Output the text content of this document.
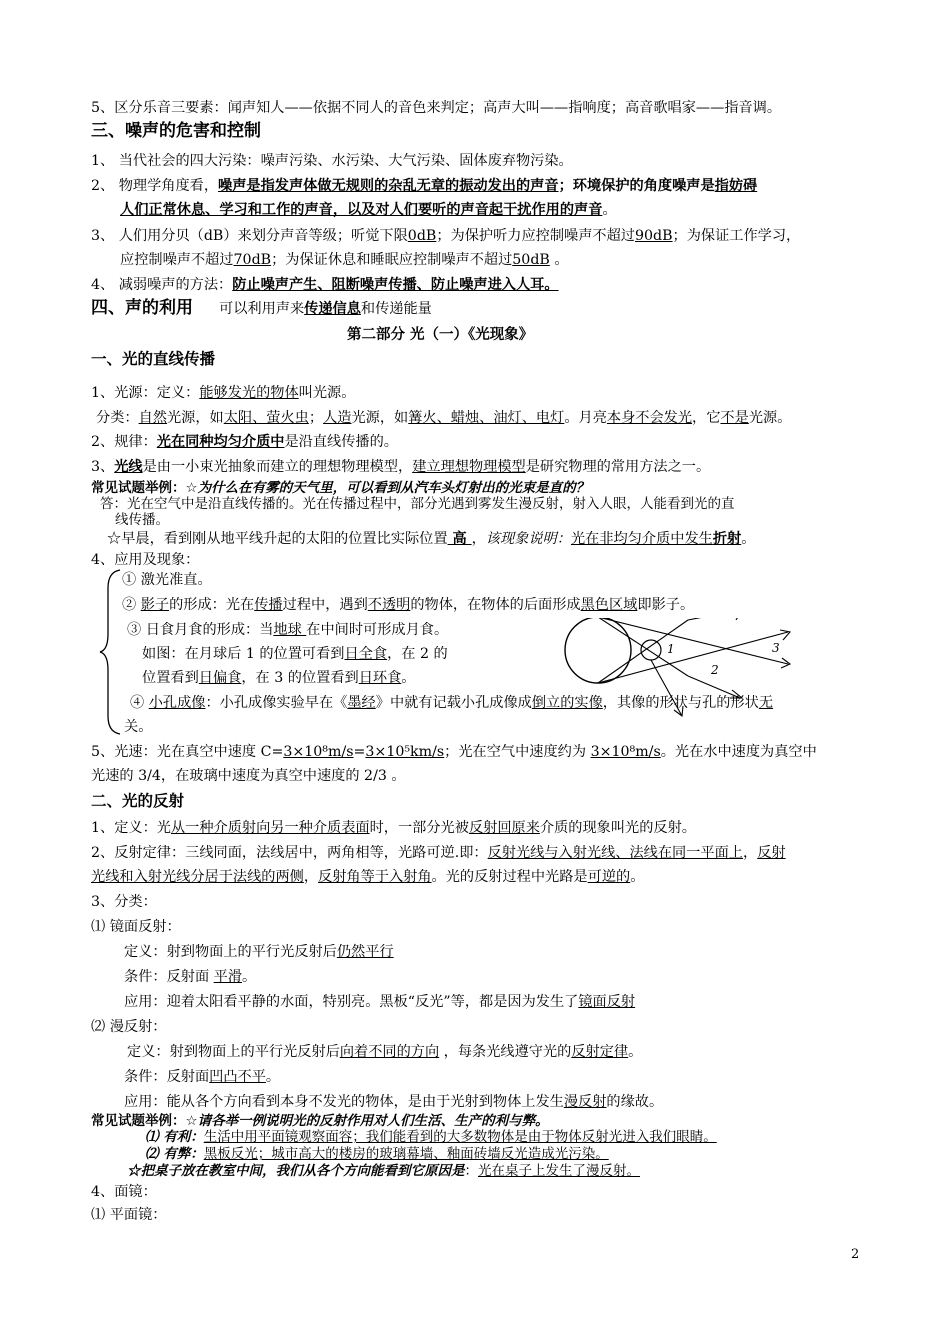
5、区分乐音三要素：闻声知人——依据不同人的音色来判定；高声大叫——指响度；高音歌唱家——指音调。
三、噪声的危害和控制
1、 当代社会的四大污染：噪声污染、水污染、大气污染、固体废弃物污染。
2、 物理学角度看，噪声是指发声体做无规则的杂乱无章的振动发出的声音；环境保护的角度噪声是指妨碍
人们正常休息、学习和工作的声音，以及对人们要听的声音起干扰作用的声音。
3、 人们用分贝（dB）来划分声音等级；听觉下限0dB；为保护听力应控制噪声不超过90dB；为保证工作学习，
应控制噪声不超过70dB；为保证休息和睡眠应控制噪声不超过50dB 。
4、 减弱噪声的方法：防止噪声产生、阻断噪声传播、防止噪声进入人耳。
四、声的利用 可以利用声来传递信息和传递能量
第二部分 光（一）《光现象》
一、光的直线传播
1、光源：定义：能够发光的物体叫光源。
分类：自然光源，如太阳、萤火虫；人造光源，如篝火、蜡烛、油灯、电灯。月亮本身不会发光，它不是光源。
2、规律：光在同种均匀介质中是沿直线传播的。
3、光线是由一小束光抽象而建立的理想物理模型，建立理想物理模型是研究物理的常用方法之一。
常见试题举例：☆为什么在有雾的天气里，可以看到从汽车头灯射出的光束是直的？
答：光在空气中是沿直线传播的。光在传播过程中，部分光遇到雾发生漫反射，射入人眼，人能看到光的直
线传播。
☆早晨，看到刚从地平线升起的太阳的位置比实际位置 高 ，该现象说明：光在非均匀介质中发生折射。
4、应用及现象：
① 激光准直。
② 影子的形成：光在传播过程中，遇到不透明的物体，在物体的后面形成黑色区域即影子。
③ 日食月食的形成：当地球 在中间时可形成月食。
如图：在月球后 1 的位置可看到日全食，在 2 的
位置看到日偏食，在 3 的位置看到日环食。
④ 小孔成像：小孔成像实验早在《墨经》中就有记载小孔成像成倒立的实像，其像的形状与孔的形状无
关。
1
2
3
5、光速：光在真空中速度 C=3×10⁸m/s=3×10⁵km/s；光在空气中速度约为 3×10⁸m/s。光在水中速度为真空中
光速的 3/4，在玻璃中速度为真空中速度的 2/3 。
二、光的反射
1、定义：光从一种介质射向另一种介质表面时，一部分光被反射回原来介质的现象叫光的反射。
2、反射定律：三线同面，法线居中，两角相等，光路可逆.即：反射光线与入射光线、法线在同一平面上，反射
光线和入射光线分居于法线的两侧，反射角等于入射角。光的反射过程中光路是可逆的。
3、分类：
⑴ 镜面反射：
定义：射到物面上的平行光反射后仍然平行
条件：反射面 平滑。
应用：迎着太阳看平静的水面，特别亮。黑板“反光”等，都是因为发生了镜面反射
⑵ 漫反射：
定义：射到物面上的平行光反射后向着不同的方向 ，每条光线遵守光的反射定律。
条件：反射面凹凸不平。
应用：能从各个方向看到本身不发光的物体，是由于光射到物体上发生漫反射的缘故。
常见试题举例：☆请各举一例说明光的反射作用对人们生活、生产的利与弊。
⑴ 有利：生活中用平面镜观察面容；我们能看到的大多数物体是由于物体反射光进入我们眼睛。
⑵ 有弊：黑板反光；城市高大的楼房的玻璃幕墙、釉面砖墙反光造成光污染。
☆把桌子放在教室中间，我们从各个方向能看到它原因是：光在桌子上发生了漫反射。
4、面镜：
⑴ 平面镜：
2
